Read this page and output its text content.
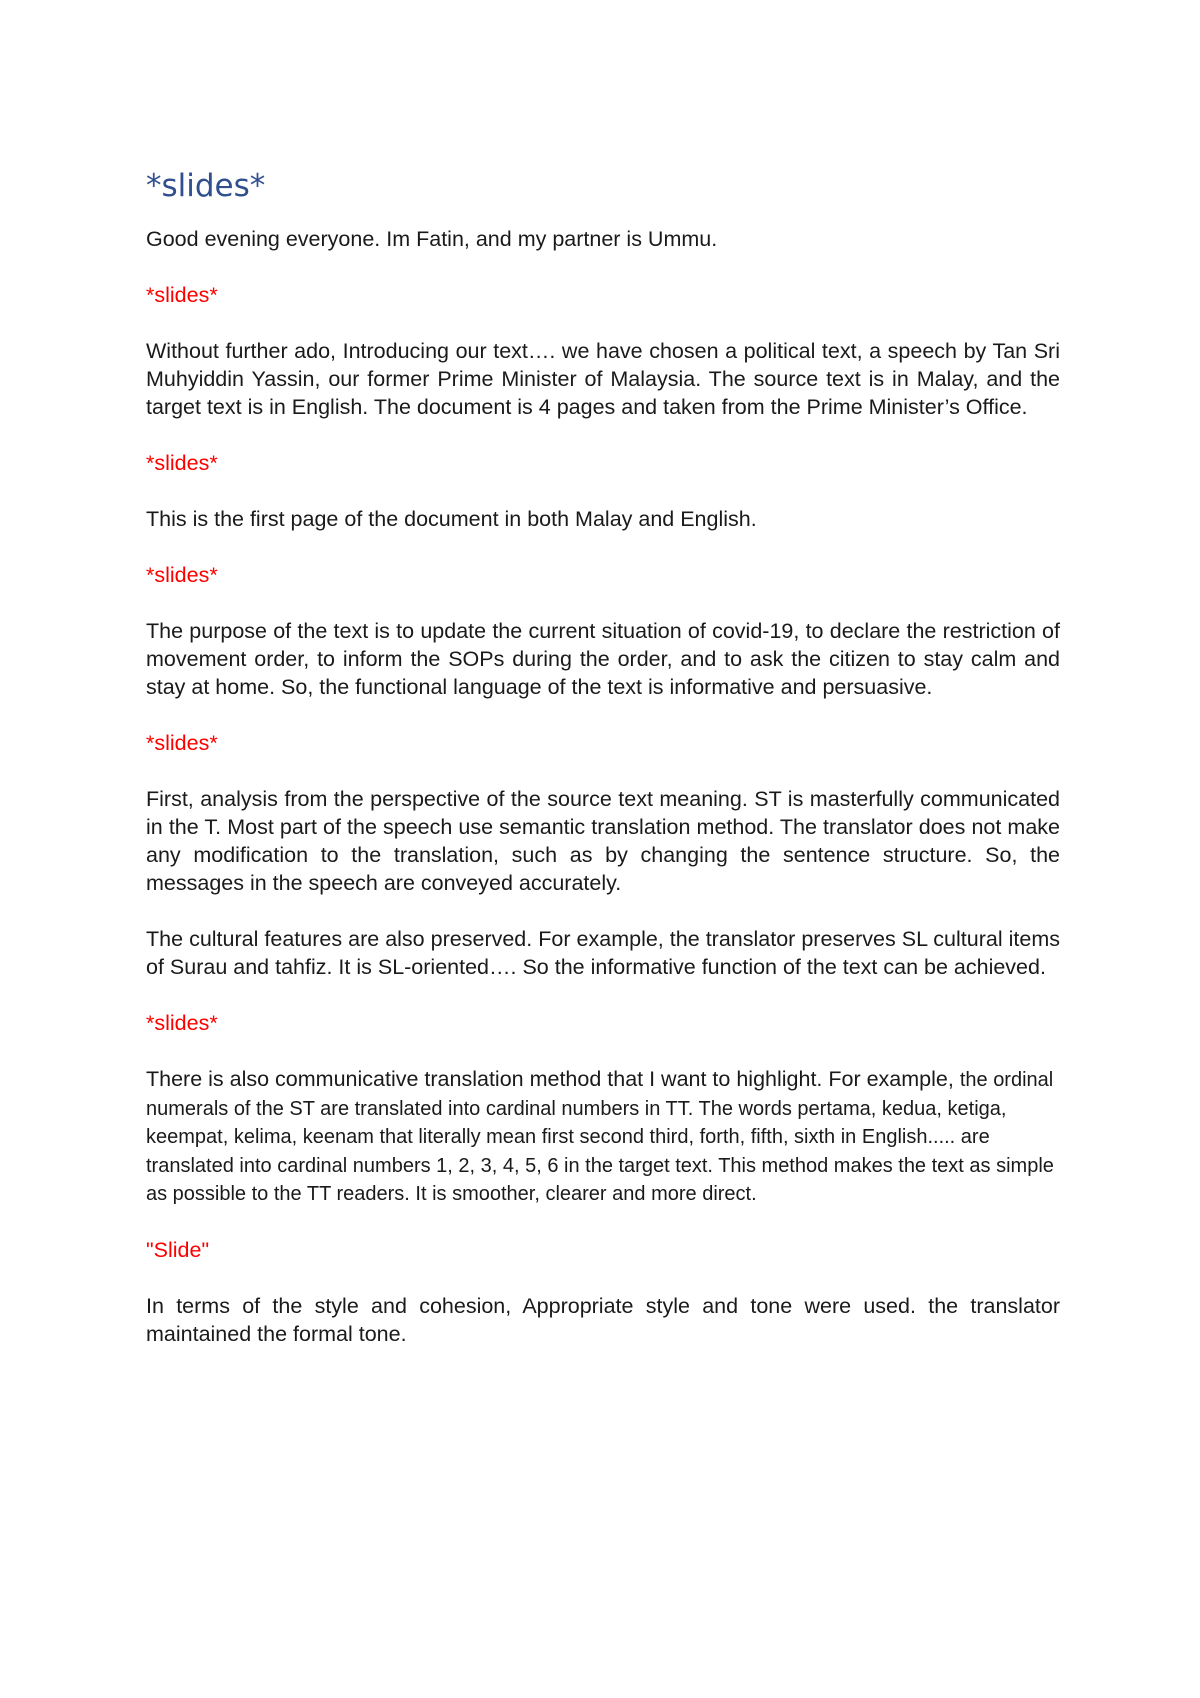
*slides*

Good evening everyone. Im Fatin, and my partner is Ummu.

*slides*

Without further ado, Introducing our text…. we have chosen a political text, a speech by Tan Sri Muhyiddin Yassin, our former Prime Minister of Malaysia. The source text is in Malay, and the target text is in English. The document is 4 pages and taken from the Prime Minister’s Office.

*slides*

This is the first page of the document in both Malay and English.

*slides*

The purpose of the text is to update the current situation of covid-19, to declare the restriction of movement order, to inform the SOPs during the order, and to ask the citizen to stay calm and stay at home. So, the functional language of the text is informative and persuasive.

*slides*

First, analysis from the perspective of the source text meaning. ST is masterfully communicated in the T. Most part of the speech use semantic translation method. The translator does not make any modification to the translation, such as by changing the sentence structure. So, the messages in the speech are conveyed accurately.

The cultural features are also preserved. For example, the translator preserves SL cultural items of Surau and tahfiz. It is SL-oriented…. So the informative function of the text can be achieved.

*slides*

There is also communicative translation method that I want to highlight. For example, the ordinal numerals of the ST are translated into cardinal numbers in TT. The words pertama, kedua, ketiga, keempat, kelima, keenam that literally mean first second third, forth, fifth, sixth in English..... are translated into cardinal numbers 1, 2, 3, 4, 5, 6 in the target text. This method makes the text as simple as possible to the TT readers. It is smoother, clearer and more direct.

"Slide"

In terms of the style and cohesion, Appropriate style and tone were used. the translator maintained the formal tone.
